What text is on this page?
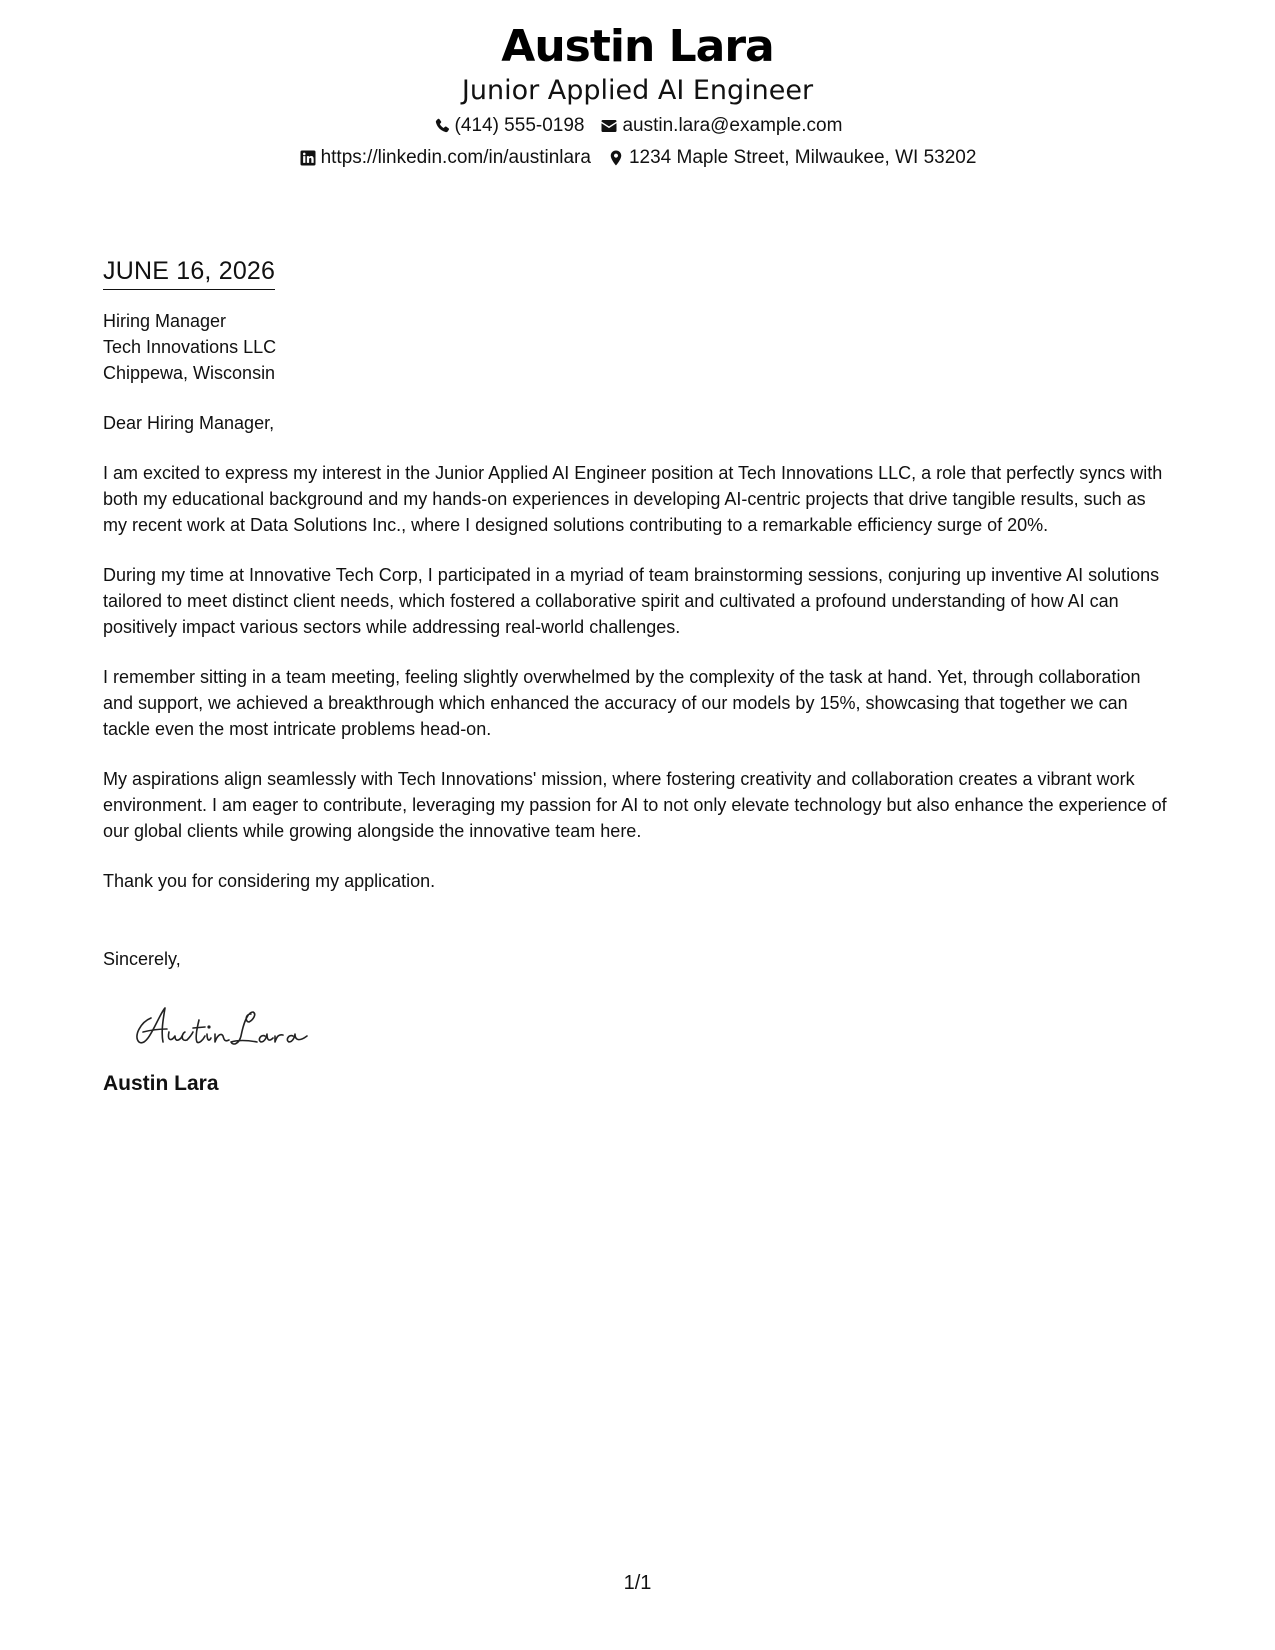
Austin Lara
Junior Applied AI Engineer
(414) 555-0198 austin.lara@example.com
https://linkedin.com/in/austinlara 1234 Maple Street, Milwaukee, WI 53202
JUNE 16, 2026
Hiring Manager
Tech Innovations LLC
Chippewa, Wisconsin
Dear Hiring Manager,
I am excited to express my interest in the Junior Applied AI Engineer position at Tech Innovations LLC, a role that perfectly syncs with both my educational background and my hands-on experiences in developing AI-centric projects that drive tangible results, such as my recent work at Data Solutions Inc., where I designed solutions contributing to a remarkable efficiency surge of 20%.
During my time at Innovative Tech Corp, I participated in a myriad of team brainstorming sessions, conjuring up inventive AI solutions tailored to meet distinct client needs, which fostered a collaborative spirit and cultivated a profound understanding of how AI can positively impact various sectors while addressing real-world challenges.
I remember sitting in a team meeting, feeling slightly overwhelmed by the complexity of the task at hand. Yet, through collaboration and support, we achieved a breakthrough which enhanced the accuracy of our models by 15%, showcasing that together we can tackle even the most intricate problems head-on.
My aspirations align seamlessly with Tech Innovations' mission, where fostering creativity and collaboration creates a vibrant work environment. I am eager to contribute, leveraging my passion for AI to not only elevate technology but also enhance the experience of our global clients while growing alongside the innovative team here.
Thank you for considering my application.
Sincerely,
Austin Lara
1/1
